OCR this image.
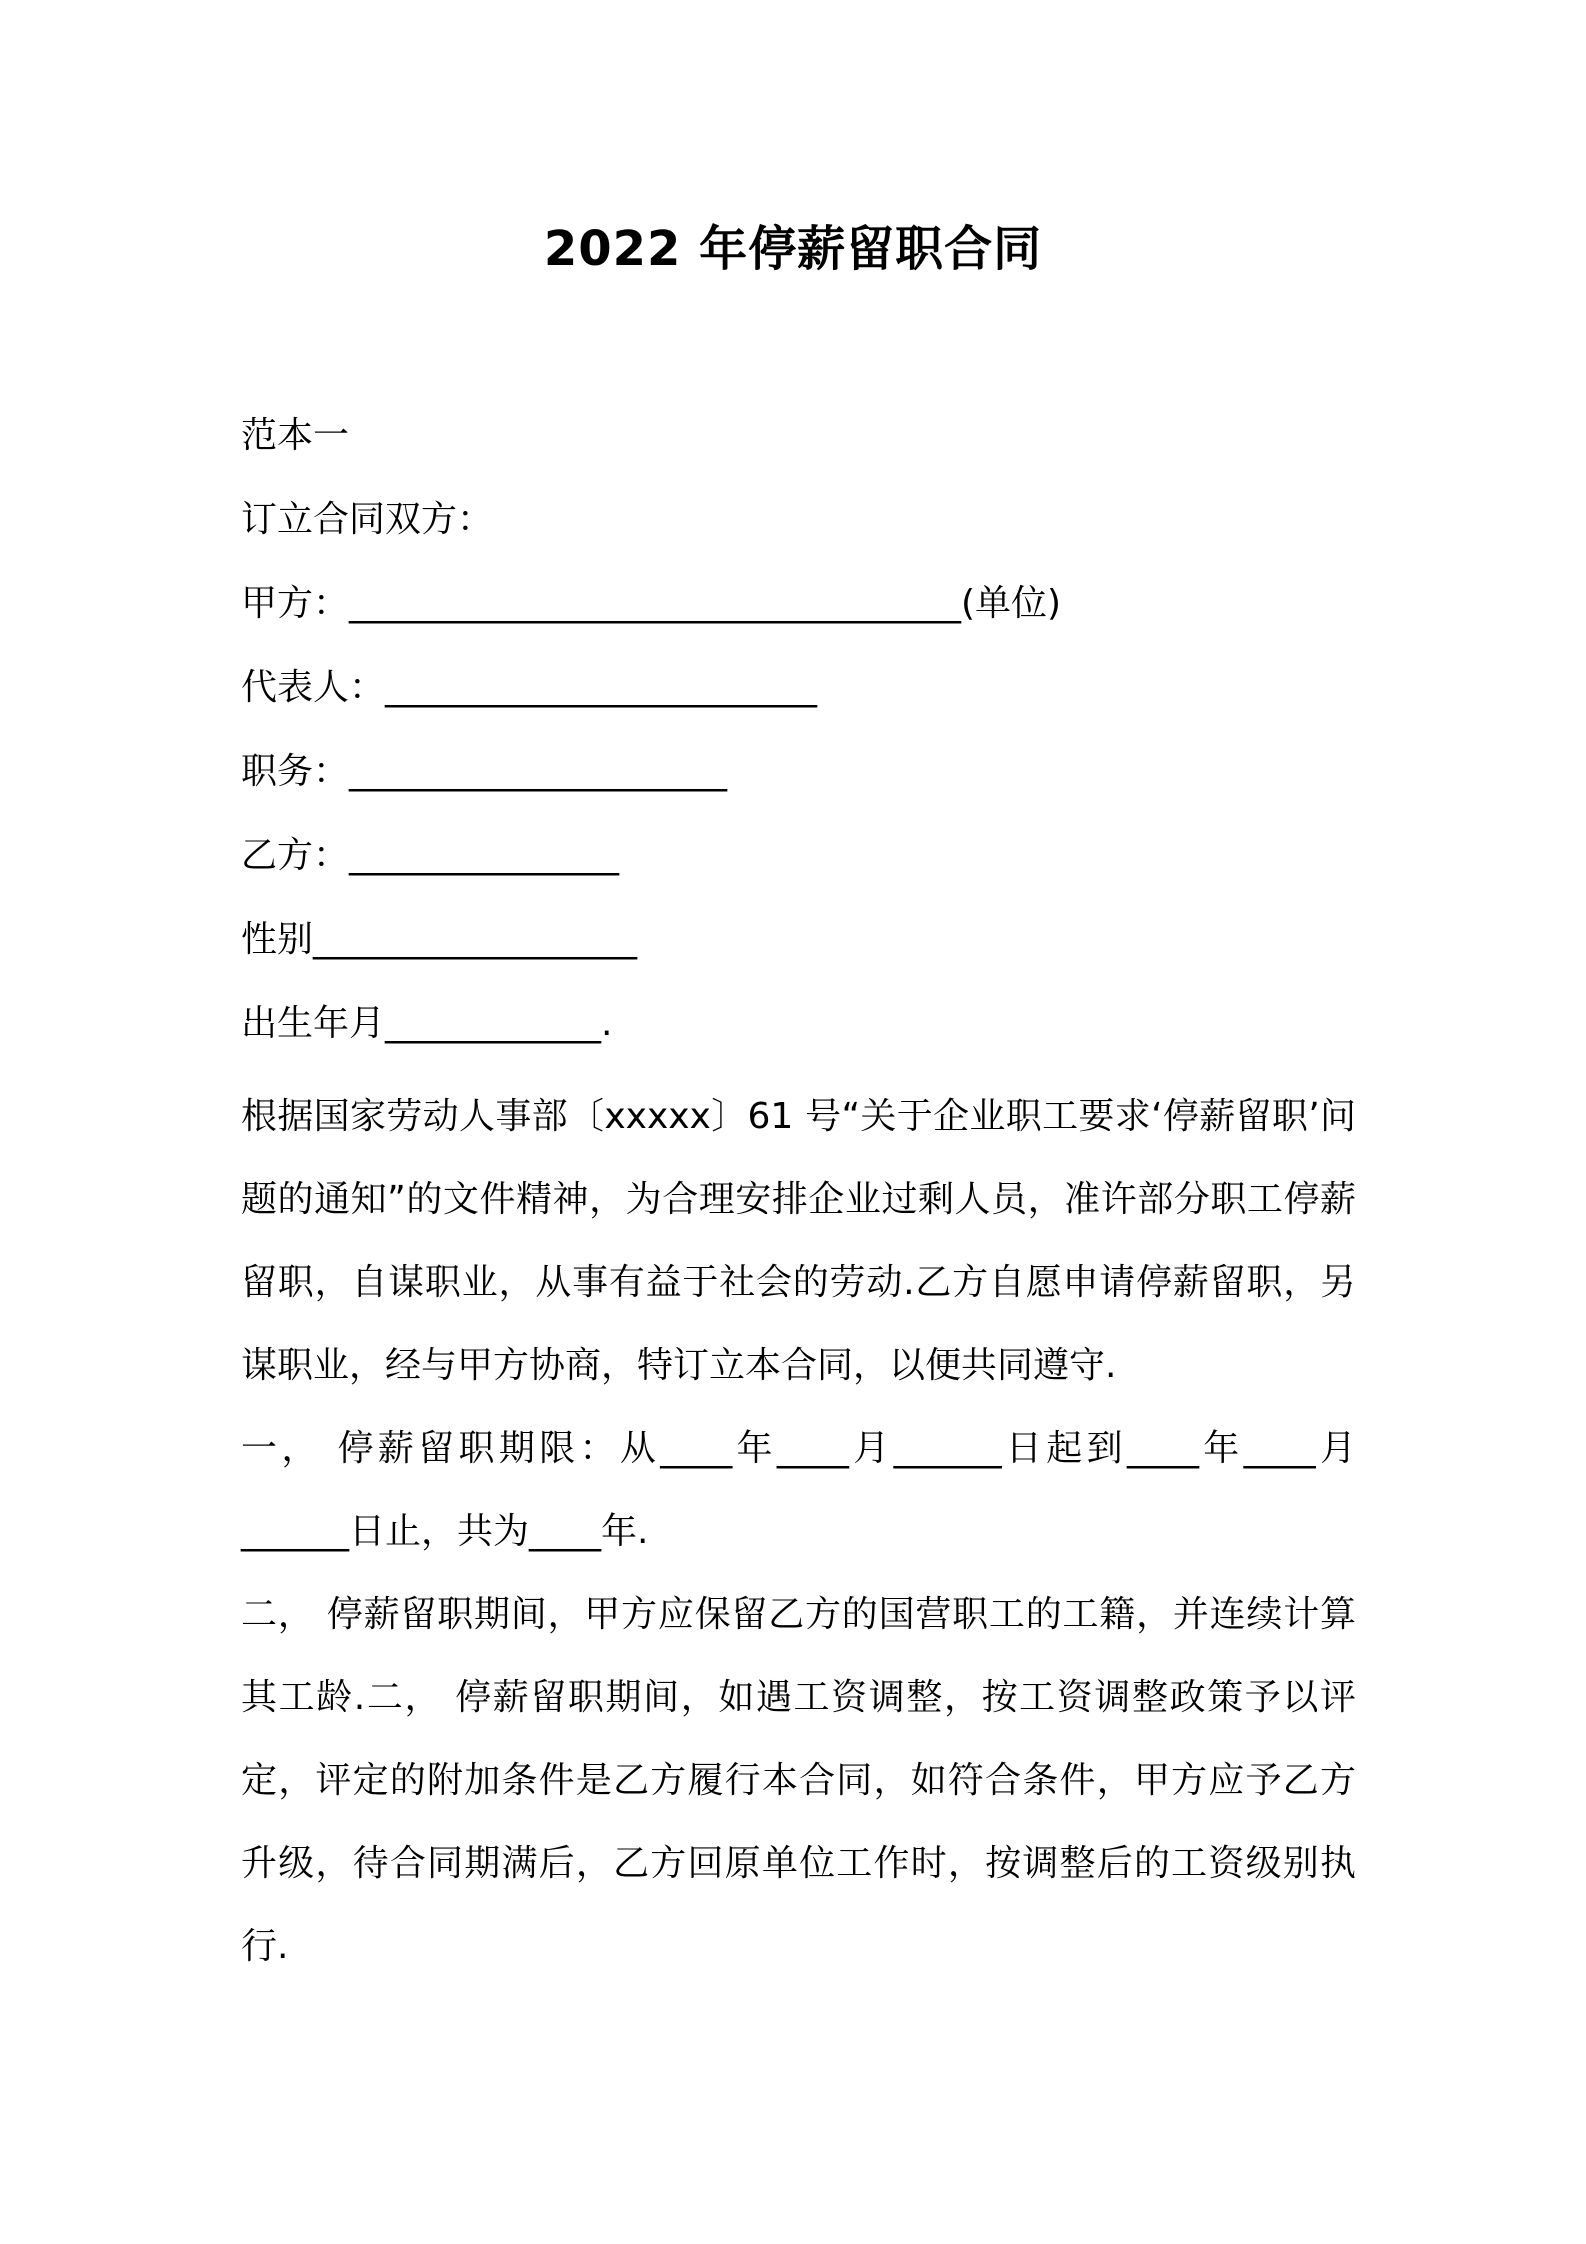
2022 年停薪留职合同
范本一
订立合同双方：
甲方：__________________________________(单位)
代表人：________________________
职务：_____________________
乙方：_______________
性别__________________
出生年月____________.
根据国家劳动人事部〔xxxxx〕61 号“关于企业职工要求‘停薪留职’问题的通知”的文件精神，为合理安排企业过剩人员，准许部分职工停薪留职，自谋职业，从事有益于社会的劳动.乙方自愿申请停薪留职，另谋职业，经与甲方协商，特订立本合同，以便共同遵守.
一， 停薪留职期限：从____年____月______日起到____年____月______日止，共为____年.
二， 停薪留职期间，甲方应保留乙方的国营职工的工籍，并连续计算其工龄.二， 停薪留职期间，如遇工资调整，按工资调整政策予以评定，评定的附加条件是乙方履行本合同，如符合条件，甲方应予乙方升级，待合同期满后，乙方回原单位工作时，按调整后的工资级别执行.
